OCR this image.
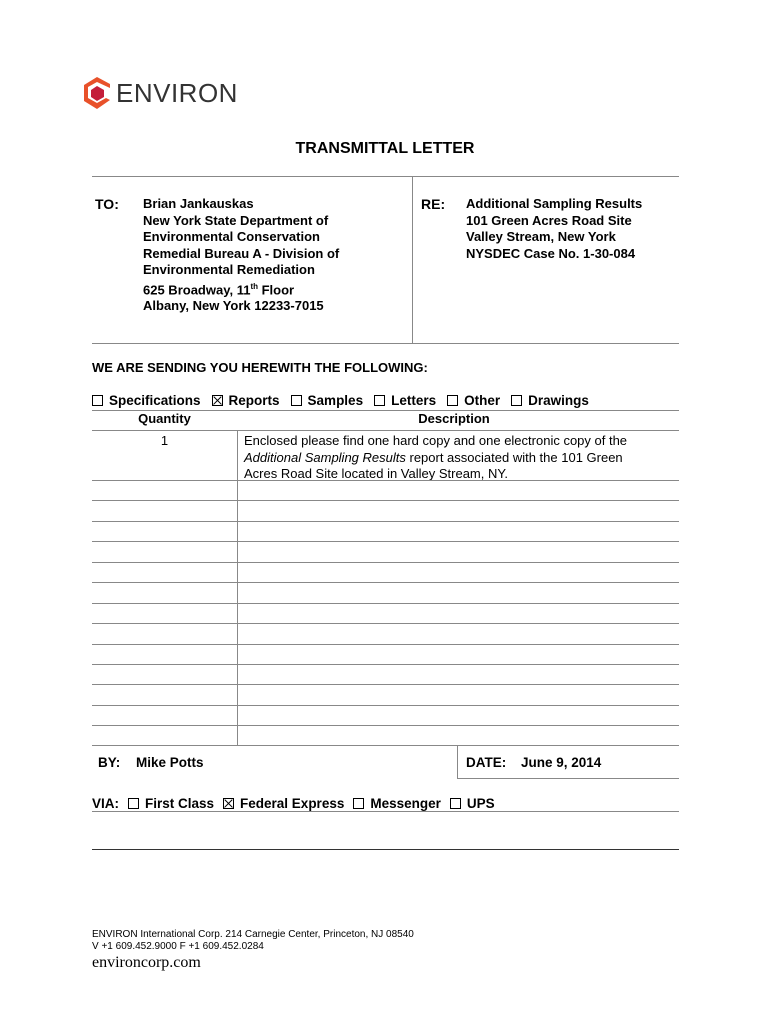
ENVIRON
TRANSMITTAL LETTER
TO: Brian Jankauskas
New York State Department of
Environmental Conservation
Remedial Bureau A - Division of
Environmental Remediation
625 Broadway, 11th Floor
Albany, New York 12233-7015
RE: Additional Sampling Results
101 Green Acres Road Site
Valley Stream, New York
NYSDEC Case No. 1-30-084
WE ARE SENDING YOU HEREWITH THE FOLLOWING:
Specifications Reports Samples Letters Other Drawings
Quantity	Description
1	Enclosed please find one hard copy and one electronic copy of the
Additional Sampling Results report associated with the 101 Green
Acres Road Site located in Valley Stream, NY.
BY: Mike Potts	DATE: June 9, 2014
VIA: First Class Federal Express Messenger UPS
ENVIRON International Corp. 214 Carnegie Center, Princeton, NJ 08540
V +1 609.452.9000 F +1 609.452.0284
environcorp.com
